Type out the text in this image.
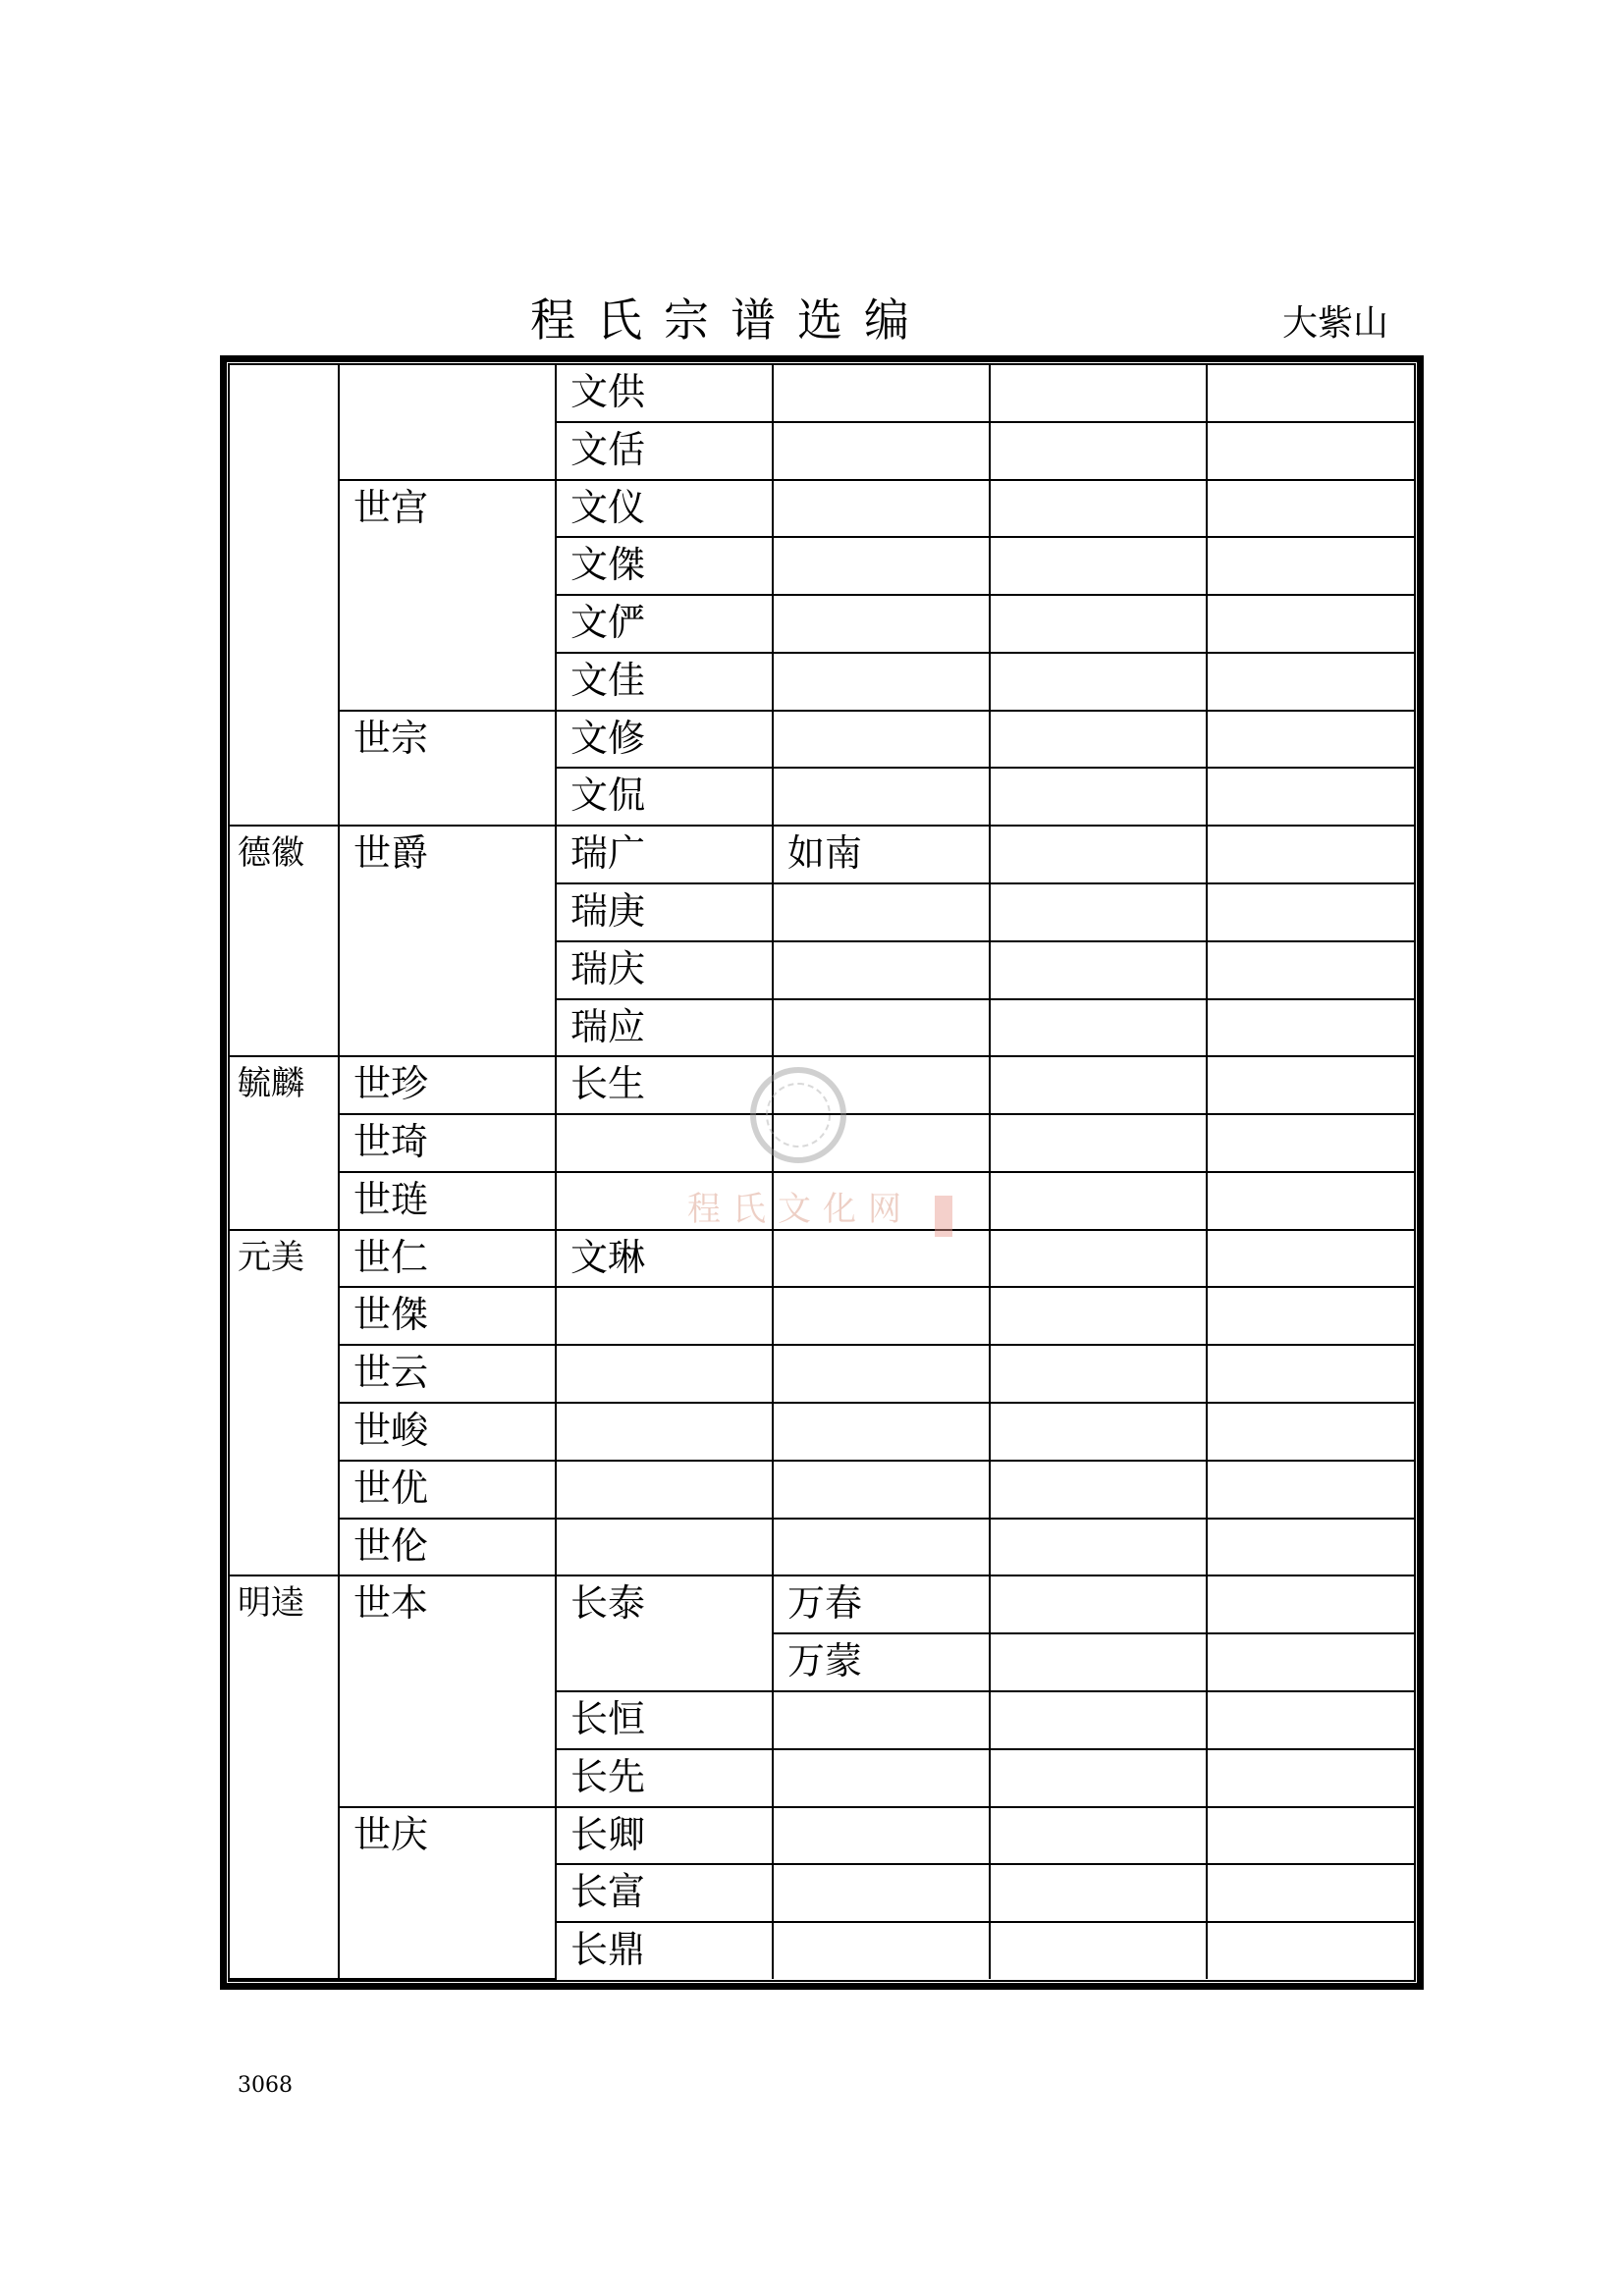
程氏宗谱选编	大紫山
		文供			
		文佸			
	世宫	文仪			
		文傑			
		文俨			
		文佳			
	世宗	文修			
		文侃			
德徽	世爵	瑞广	如南		
		瑞庚			
		瑞庆			
		瑞应			
毓麟	世珍	长生			
	世琦				
	世琏				
元美	世仁	文琳			
	世傑				
	世云				
	世峻				
	世优				
	世伦				
明逵	世本	长泰	万春		
			万蒙		
		长恒			
		长先			
	世庆	长卿			
		长富			
		长鼎			
程氏文化网
3068
